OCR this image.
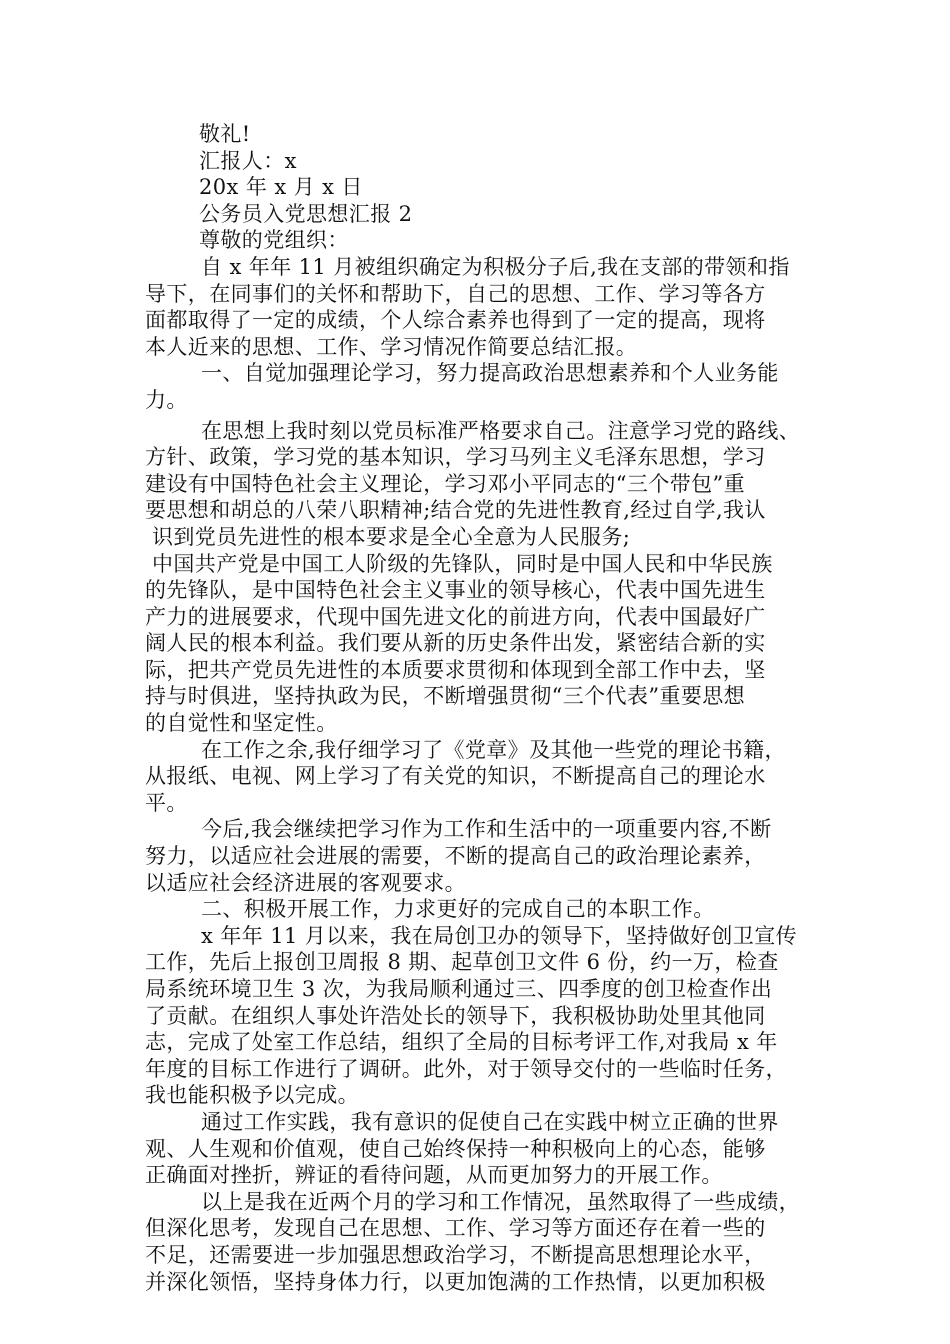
敬礼!

汇报人：x

20x 年 x 月 x 日

公务员入党思想汇报 2

尊敬的党组织：

自 x 年年 11 月被组织确定为积极分子后,我在支部的带领和指

导下，在同事们的关怀和帮助下，自己的思想、工作、学习等各方

面都取得了一定的成绩，个人综合素养也得到了一定的提高，现将

本人近来的思想、工作、学习情况作简要总结汇报。

一、自觉加强理论学习，努力提高政治思想素养和个人业务能

力。

在思想上我时刻以党员标准严格要求自己。注意学习党的路线、

方针、政策，学习党的基本知识，学习马列主义毛泽东思想，学习

建设有中国特色社会主义理论，学习邓小平同志的“三个带包”重

要思想和胡总的八荣八职精神;结合党的先进性教育,经过自学,我认

识到党员先进性的根本要求是全心全意为人民服务;

中国共产党是中国工人阶级的先锋队，同时是中国人民和中华民族

的先锋队，是中国特色社会主义事业的领导核心，代表中国先进生

产力的进展要求，代现中国先进文化的前进方向，代表中国最好广

阔人民的根本利益。我们要从新的历史条件出发，紧密结合新的实

际，把共产党员先进性的本质要求贯彻和体现到全部工作中去，坚

持与时俱进，坚持执政为民，不断增强贯彻“三个代表”重要思想

的自觉性和坚定性。

在工作之余,我仔细学习了《党章》及其他一些党的理论书籍，

从报纸、电视、网上学习了有关党的知识，不断提高自己的理论水

平。

今后,我会继续把学习作为工作和生活中的一项重要内容,不断

努力，以适应社会进展的需要，不断的提高自己的政治理论素养，

以适应社会经济进展的客观要求。

二、积极开展工作，力求更好的完成自己的本职工作。

x 年年 11 月以来，我在局创卫办的领导下，坚持做好创卫宣传

工作，先后上报创卫周报 8 期、起草创卫文件 6 份，约一万，检查

局系统环境卫生 3 次，为我局顺利通过三、四季度的创卫检查作出

了贡献。在组织人事处许浩处长的领导下，我积极协助处里其他同

志，完成了处室工作总结，组织了全局的目标考评工作,对我局 x 年

年度的目标工作进行了调研。此外，对于领导交付的一些临时任务，

我也能积极予以完成。

通过工作实践，我有意识的促使自己在实践中树立正确的世界

观、人生观和价值观，使自己始终保持一种积极向上的心态，能够

正确面对挫折，辨证的看待问题，从而更加努力的开展工作。

以上是我在近两个月的学习和工作情况，虽然取得了一些成绩，

但深化思考，发现自己在思想、工作、学习等方面还存在着一些的

不足，还需要进一步加强思想政治学习，不断提高思想理论水平，

并深化领悟，坚持身体力行，以更加饱满的工作热情，以更加积极
